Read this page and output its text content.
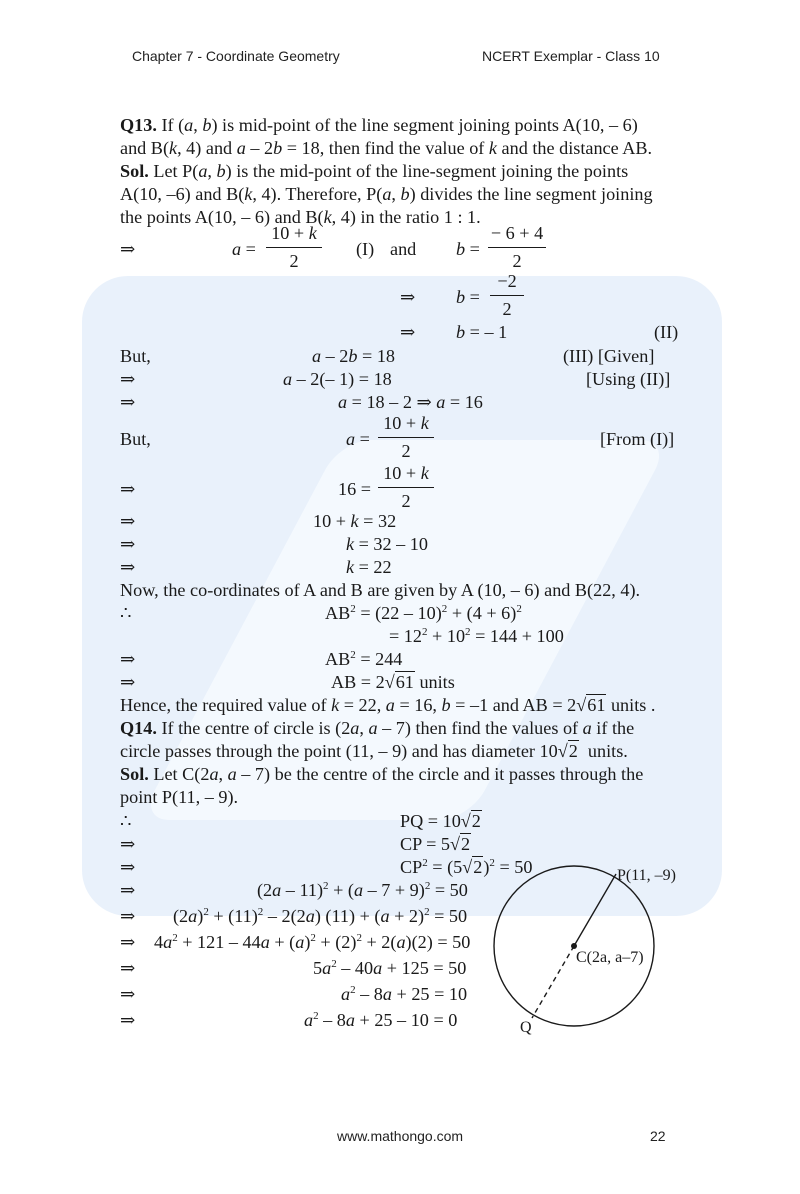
Chapter 7 - Coordinate Geometry	NCERT Exemplar - Class 10
Q13. If (a, b) is mid-point of the line segment joining points A(10, – 6)
and B(k, 4) and a – 2b = 18, then find the value of k and the distance AB.
Sol. Let P(a, b) is the mid-point of the line-segment joining the points
A(10, –6) and B(k, 4). Therefore, P(a, b) divides the line segment joining
the points A(10, – 6) and B(k, 4) in the ratio 1 : 1.
⇒	a =
10 + k
2
(I) and b =
− 6 + 4
2
⇒ b =
−2
2
⇒ b = – 1	(II)
But,	a – 2b = 18	(III) [Given]
⇒	a – 2(– 1) = 18	[Using (II)]
⇒	a = 18 – 2 ⇒ a = 16
But,	a =
10 + k
2
[From (I)]
⇒	16 =
10 + k
2
⇒	10 + k = 32
⇒	k = 32 – 10
⇒	k = 22
Now, the co-ordinates of A and B are given by A (10, – 6) and B(22, 4).
∴	$AB^2 = (22 - 10)^2 + (4 + 6)^2$
= $12^2 + 10^2 = 144 + 100$
⇒	$AB^2 = 244$
⇒	AB = 2√61 units
Hence, the required value of k = 22, a = 16, b = –1 and AB = 2√61 units .
Q14. If the centre of circle is (2a, a – 7) then find the values of a if the
circle passes through the point (11, – 9) and has diameter 10√2 units.
Sol. Let C(2a, a – 7) be the centre of the circle and it passes through the
point P(11, – 9).
∴	PQ = 10√2
⇒	CP = 5√2
⇒	$CP^2 = (5√2)^2 = 50$
⇒	$(2a - 11)^2 + (a - 7 + 9)^2 = 50$
⇒ $(2a)^2 + (11)^2 - 2(2a) (11) + (a + 2)^2 = 50$
⇒ $4a^2 + 121 - 44a + (a)^2 + (2)^2 + 2(a)(2) = 50$
⇒	$5a^2 - 40a + 125 = 50$
⇒	$a^2 - 8a + 25 = 10$
⇒	$a^2 - 8a + 25 - 10 = 0$
P(11, –9)
C(2a, a–7)
Q
www.mathongo.com	22
